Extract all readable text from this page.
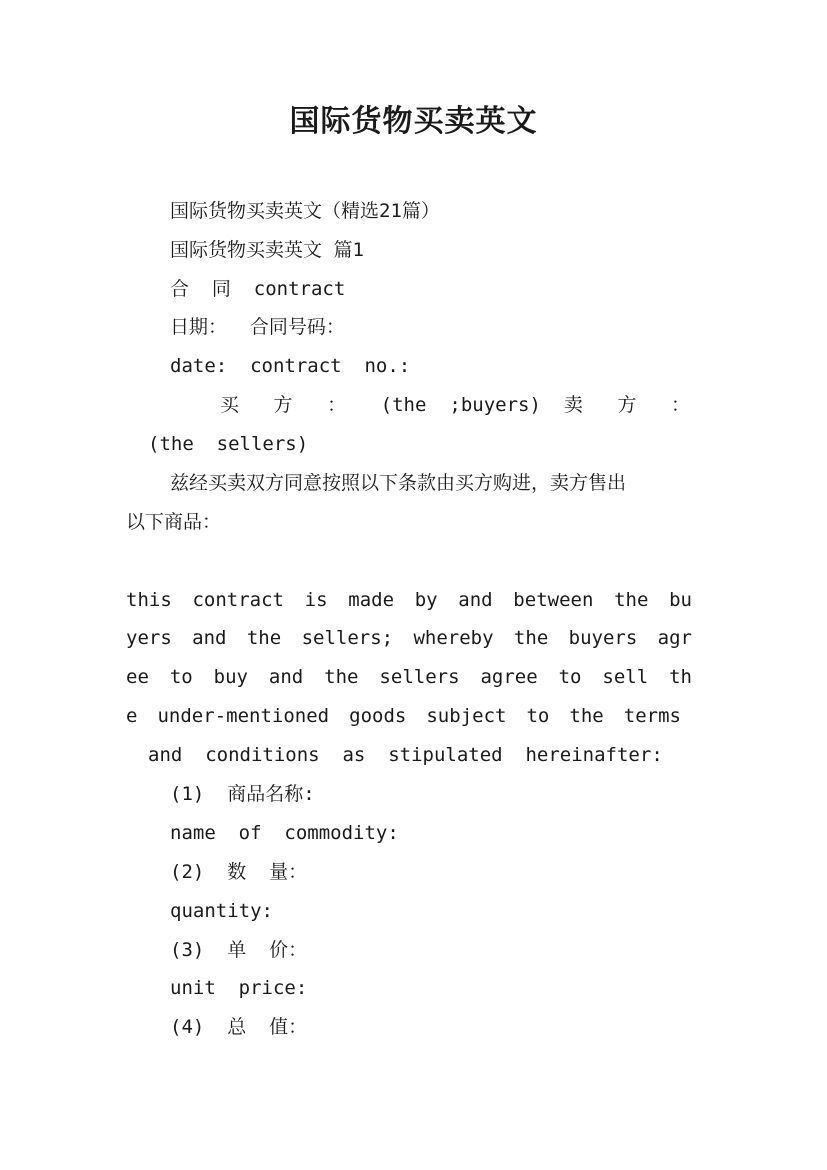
国际货物买卖英文
国际货物买卖英文（精选21篇）
国际货物买卖英文 篇1
合  同  contract
日期：  合同号码：
date:  contract  no.:
买 方 ： (the ;buyers) 卖 方 ：
(the  sellers)
兹经买卖双方同意按照以下条款由买方购进，卖方售出
以下商品：
this contract is made by and between the bu
yers and the sellers; whereby the buyers agr
ee to buy and the sellers agree to sell th
e under-mentioned goods subject to the terms
and  conditions  as  stipulated  hereinafter:
(1)  商品名称:
name  of  commodity:
(2)  数  量：
quantity:
(3)  单  价：
unit  price:
(4)  总  值：
